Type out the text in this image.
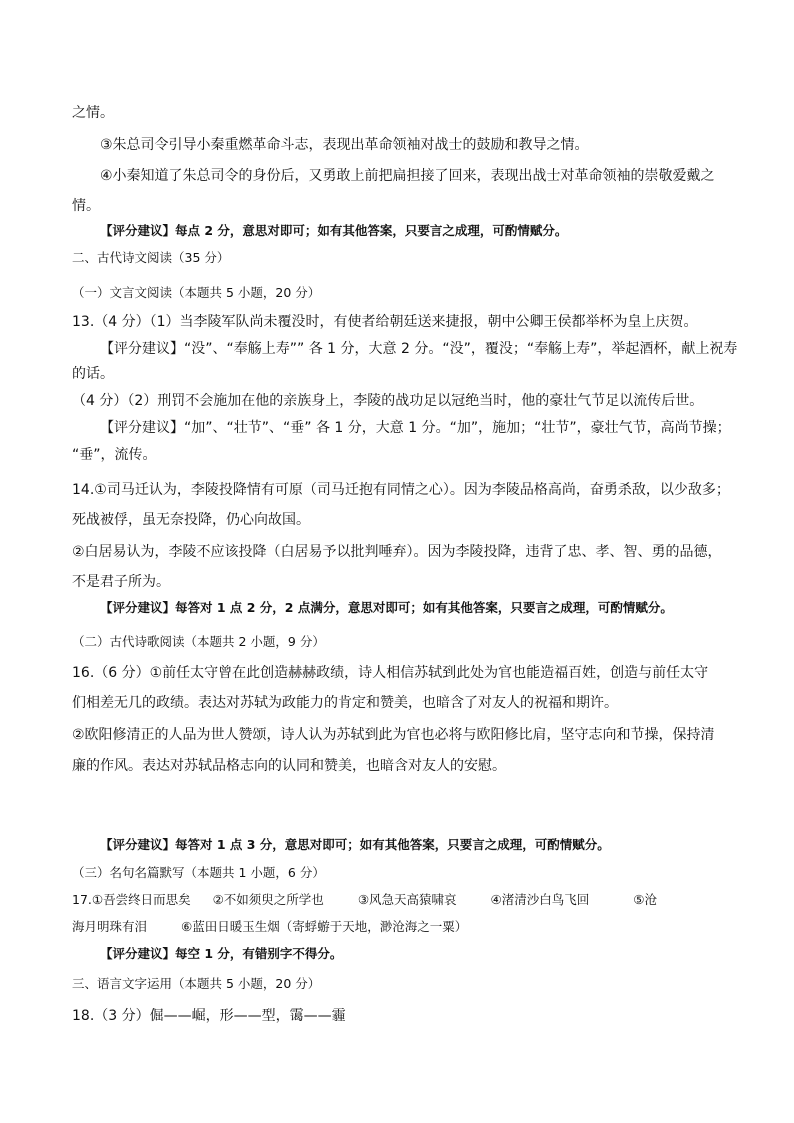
之情。
③朱总司令引导小秦重燃革命斗志，表现出革命领袖对战士的鼓励和教导之情。
④小秦知道了朱总司令的身份后，又勇敢上前把扁担接了回来，表现出战士对革命领袖的崇敬爱戴之
情。
【评分建议】每点 2 分，意思对即可；如有其他答案，只要言之成理，可酌情赋分。
二、古代诗文阅读（35 分）
（一）文言文阅读（本题共 5 小题，20 分）
13.（4 分）（1）当李陵军队尚未覆没时，有使者给朝廷送来捷报，朝中公卿王侯都举杯为皇上庆贺。
【评分建议】“没”、“奉觞上寿”” 各 1 分，大意 2 分。“没”，覆没；“奉觞上寿”，举起酒杯，献上祝寿
的话。
（4 分）（2）刑罚不会施加在他的亲族身上，李陵的战功足以冠绝当时，他的豪壮气节足以流传后世。
【评分建议】“加”、“壮节”、“垂” 各 1 分，大意 1 分。“加”，施加；“壮节”，豪壮气节，高尚节操；
“垂”，流传。
14.①司马迁认为，李陵投降情有可原（司马迁抱有同情之心）。因为李陵品格高尚，奋勇杀敌，以少敌多；
死战被俘，虽无奈投降，仍心向故国。
②白居易认为，李陵不应该投降（白居易予以批判唾弃）。因为李陵投降，违背了忠、孝、智、勇的品德，
不是君子所为。
【评分建议】每答对 1 点 2 分，2 点满分，意思对即可；如有其他答案，只要言之成理，可酌情赋分。
（二）古代诗歌阅读（本题共 2 小题，9 分）
16.（6 分）①前任太守曾在此创造赫赫政绩，诗人相信苏轼到此处为官也能造福百姓，创造与前任太守
们相差无几的政绩。表达对苏轼为政能力的肯定和赞美，也暗含了对友人的祝福和期许。
②欧阳修清正的人品为世人赞颂，诗人认为苏轼到此为官也必将与欧阳修比肩，坚守志向和节操，保持清
廉的作风。表达对苏轼品格志向的认同和赞美，也暗含对友人的安慰。
【评分建议】每答对 1 点 3 分，意思对即可；如有其他答案，只要言之成理，可酌情赋分。
（三）名句名篇默写（本题共 1 小题，6 分）
17.①吾尝终日而思矣 ②不如须臾之所学也	③风急天高猿啸哀	④渚清沙白鸟飞回	⑤沧
海月明珠有泪	⑥蓝田日暖玉生烟（寄蜉蝣于天地，渺沧海之一粟）
【评分建议】每空 1 分，有错别字不得分。
三、语言文字运用（本题共 5 小题，20 分）
18.（3 分）倔——崛，形——型，霭——霾
